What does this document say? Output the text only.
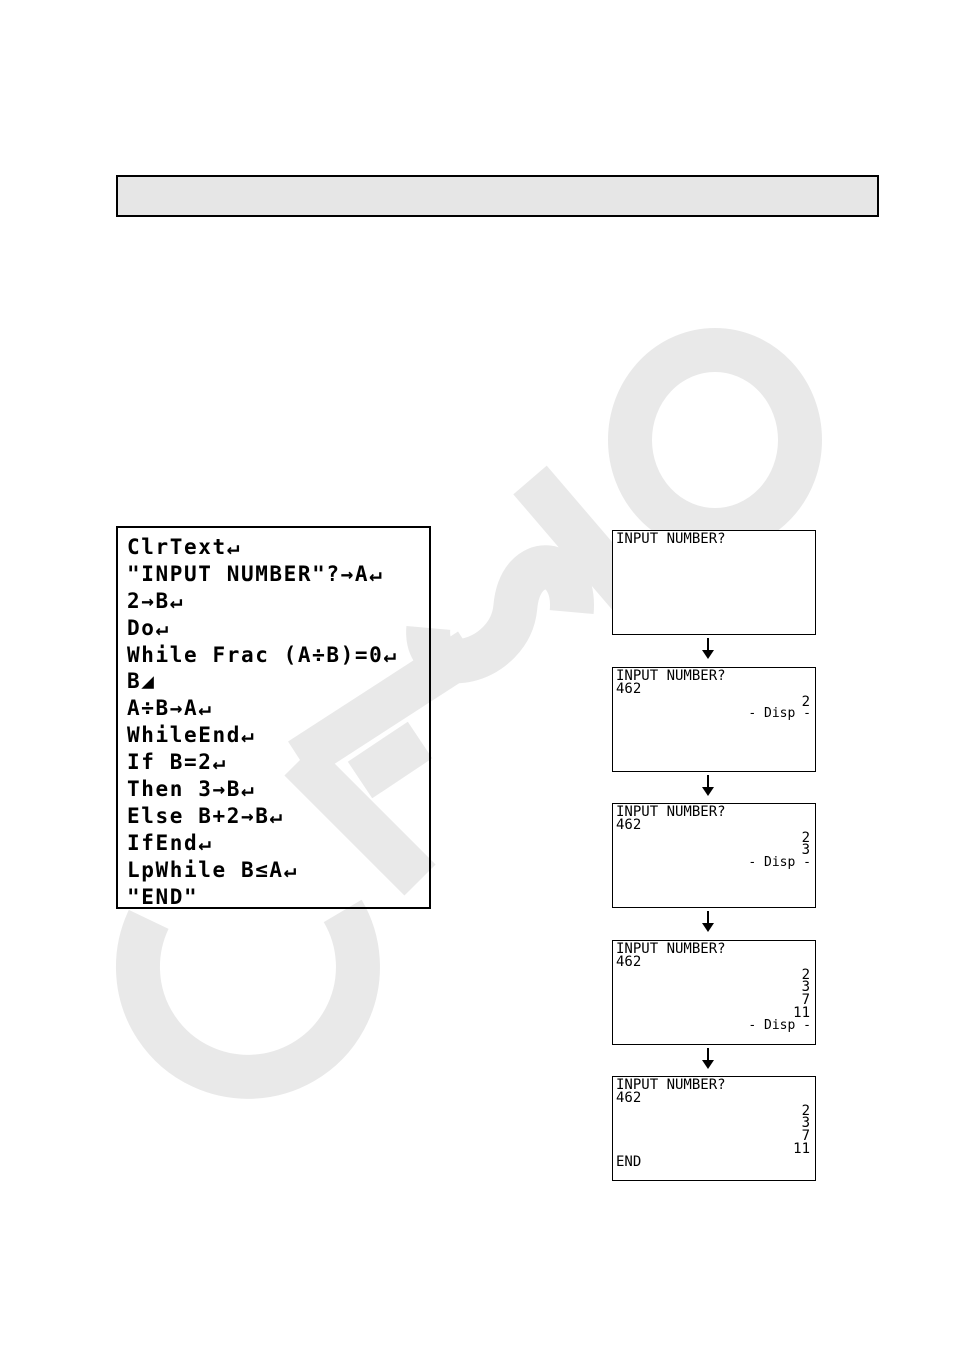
ClrText↵
"INPUT NUMBER"?→A↵
2→B↵
Do↵
While Frac (A÷B)=0↵
B◢
A÷B→A↵
WhileEnd↵
If B=2↵
Then 3→B↵
Else B+2→B↵
IfEnd↵
LpWhile B≤A↵
"END"
INPUT NUMBER?
INPUT NUMBER?
462
2
- Disp -
INPUT NUMBER?
462
2
3
- Disp -
INPUT NUMBER?
462
2
3
7
11
- Disp -
INPUT NUMBER?
462
2
3
7
11
END
